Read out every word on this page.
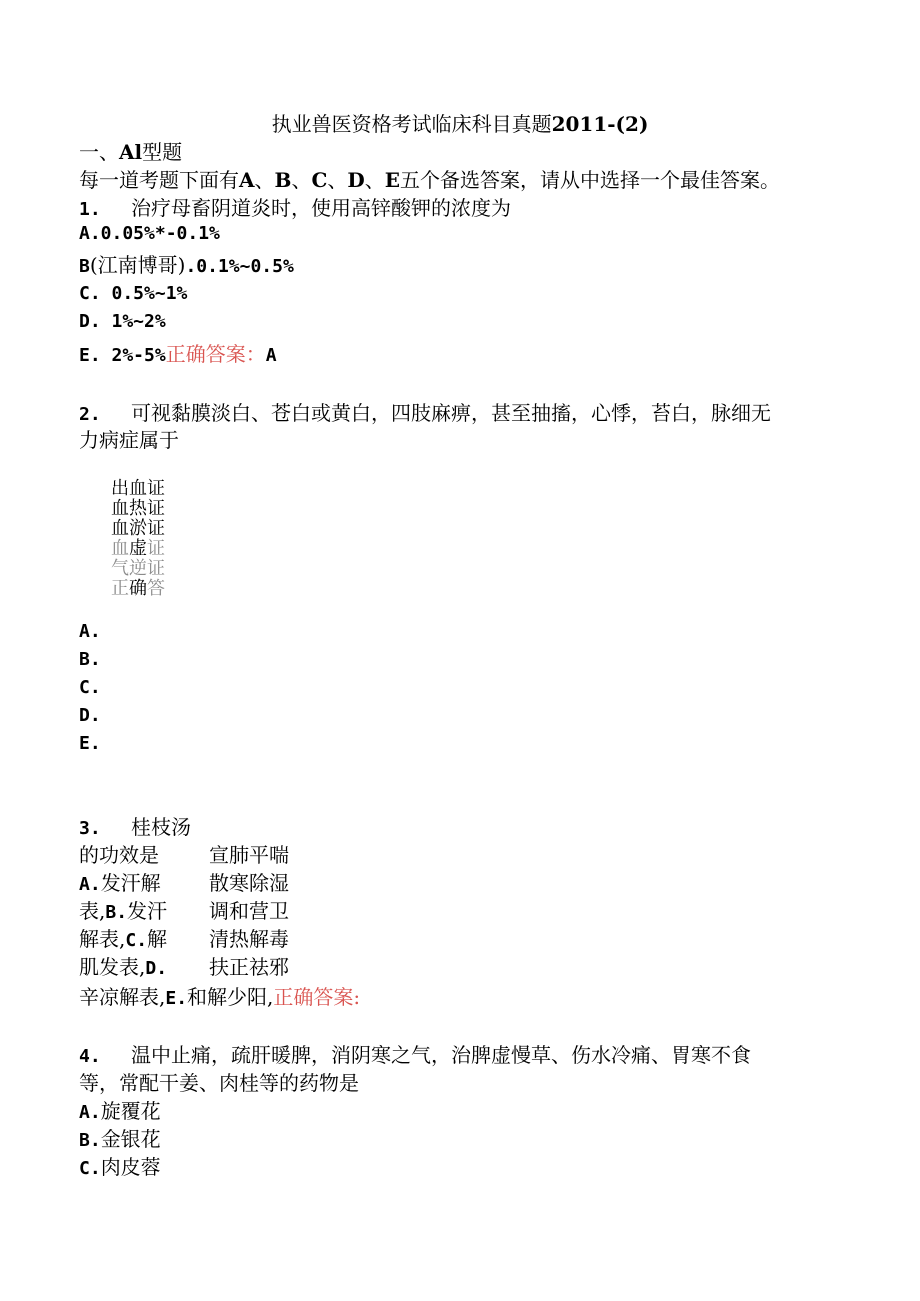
执业兽医资格考试临床科目真题2011-(2)
一、Al型题
每一道考题下面有A、B、C、D、E五个备选答案，请从中选择一个最佳答案。
1. 治疗母畜阴道炎时，使用高锌酸钾的浓度为
A.0.05%*-0.1%
B(江南博哥).0.1%~0.5%
C. 0.5%~1%
D. 1%~2%
E. 2%-5%正确答案：A
2. 可视黏膜淡白、苍白或黄白，四肢麻痹，甚至抽搐，心悸，苔白，脉细无
力病症属于
出血证
血热证
血淤证
血虚证
气逆证
正确答
A.
B.
C.
D.
E.
3. 桂枝汤
的功效是
A.发汗解
表,B.发汗
解表,C.解
肌发表,D.
辛凉解表,E.和解少阳,正确答案:
宣肺平喘
散寒除湿
调和营卫
清热解毒
扶正祛邪
4. 温中止痛，疏肝暖脾，消阴寒之气，治脾虚慢草、伤水冷痛、胃寒不食
等，常配干姜、肉桂等的药物是
A.旋覆花
B.金银花
C.肉皮蓉
